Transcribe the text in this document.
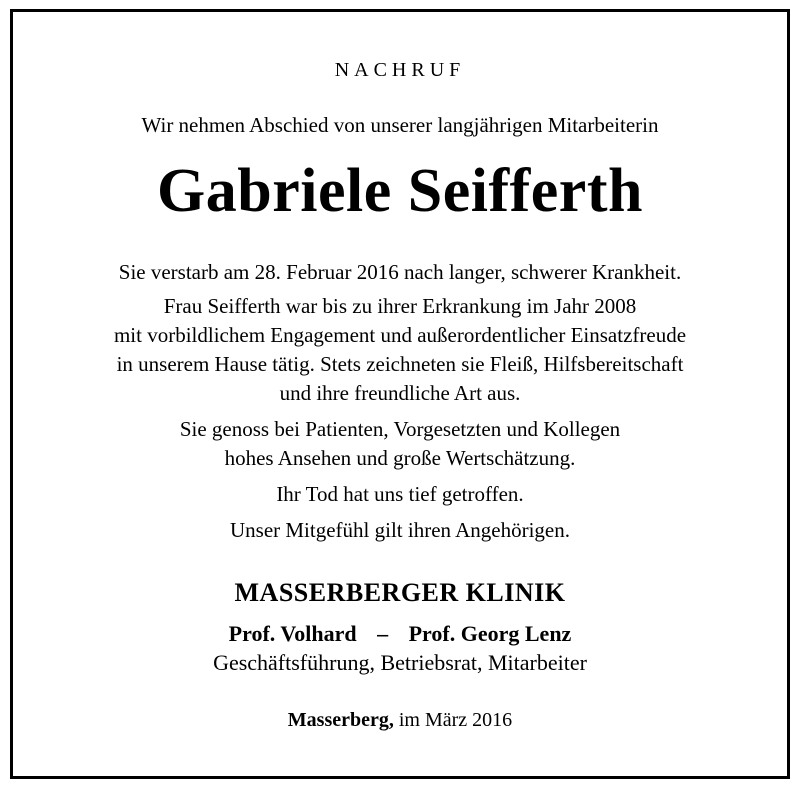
NACHRUF
Wir nehmen Abschied von unserer langjährigen Mitarbeiterin
Gabriele Seifferth
Sie verstarb am 28. Februar 2016 nach langer, schwerer Krankheit.
Frau Seifferth war bis zu ihrer Erkrankung im Jahr 2008
mit vorbildlichem Engagement und außerordentlicher Einsatzfreude
in unserem Hause tätig. Stets zeichneten sie Fleiß, Hilfsbereitschaft
und ihre freundliche Art aus.
Sie genoss bei Patienten, Vorgesetzten und Kollegen
hohes Ansehen und große Wertschätzung.
Ihr Tod hat uns tief getroffen.
Unser Mitgefühl gilt ihren Angehörigen.
MASSERBERGER KLINIK
Prof. Volhard – Prof. Georg Lenz
Geschäftsführung, Betriebsrat, Mitarbeiter
Masserberg, im März 2016
